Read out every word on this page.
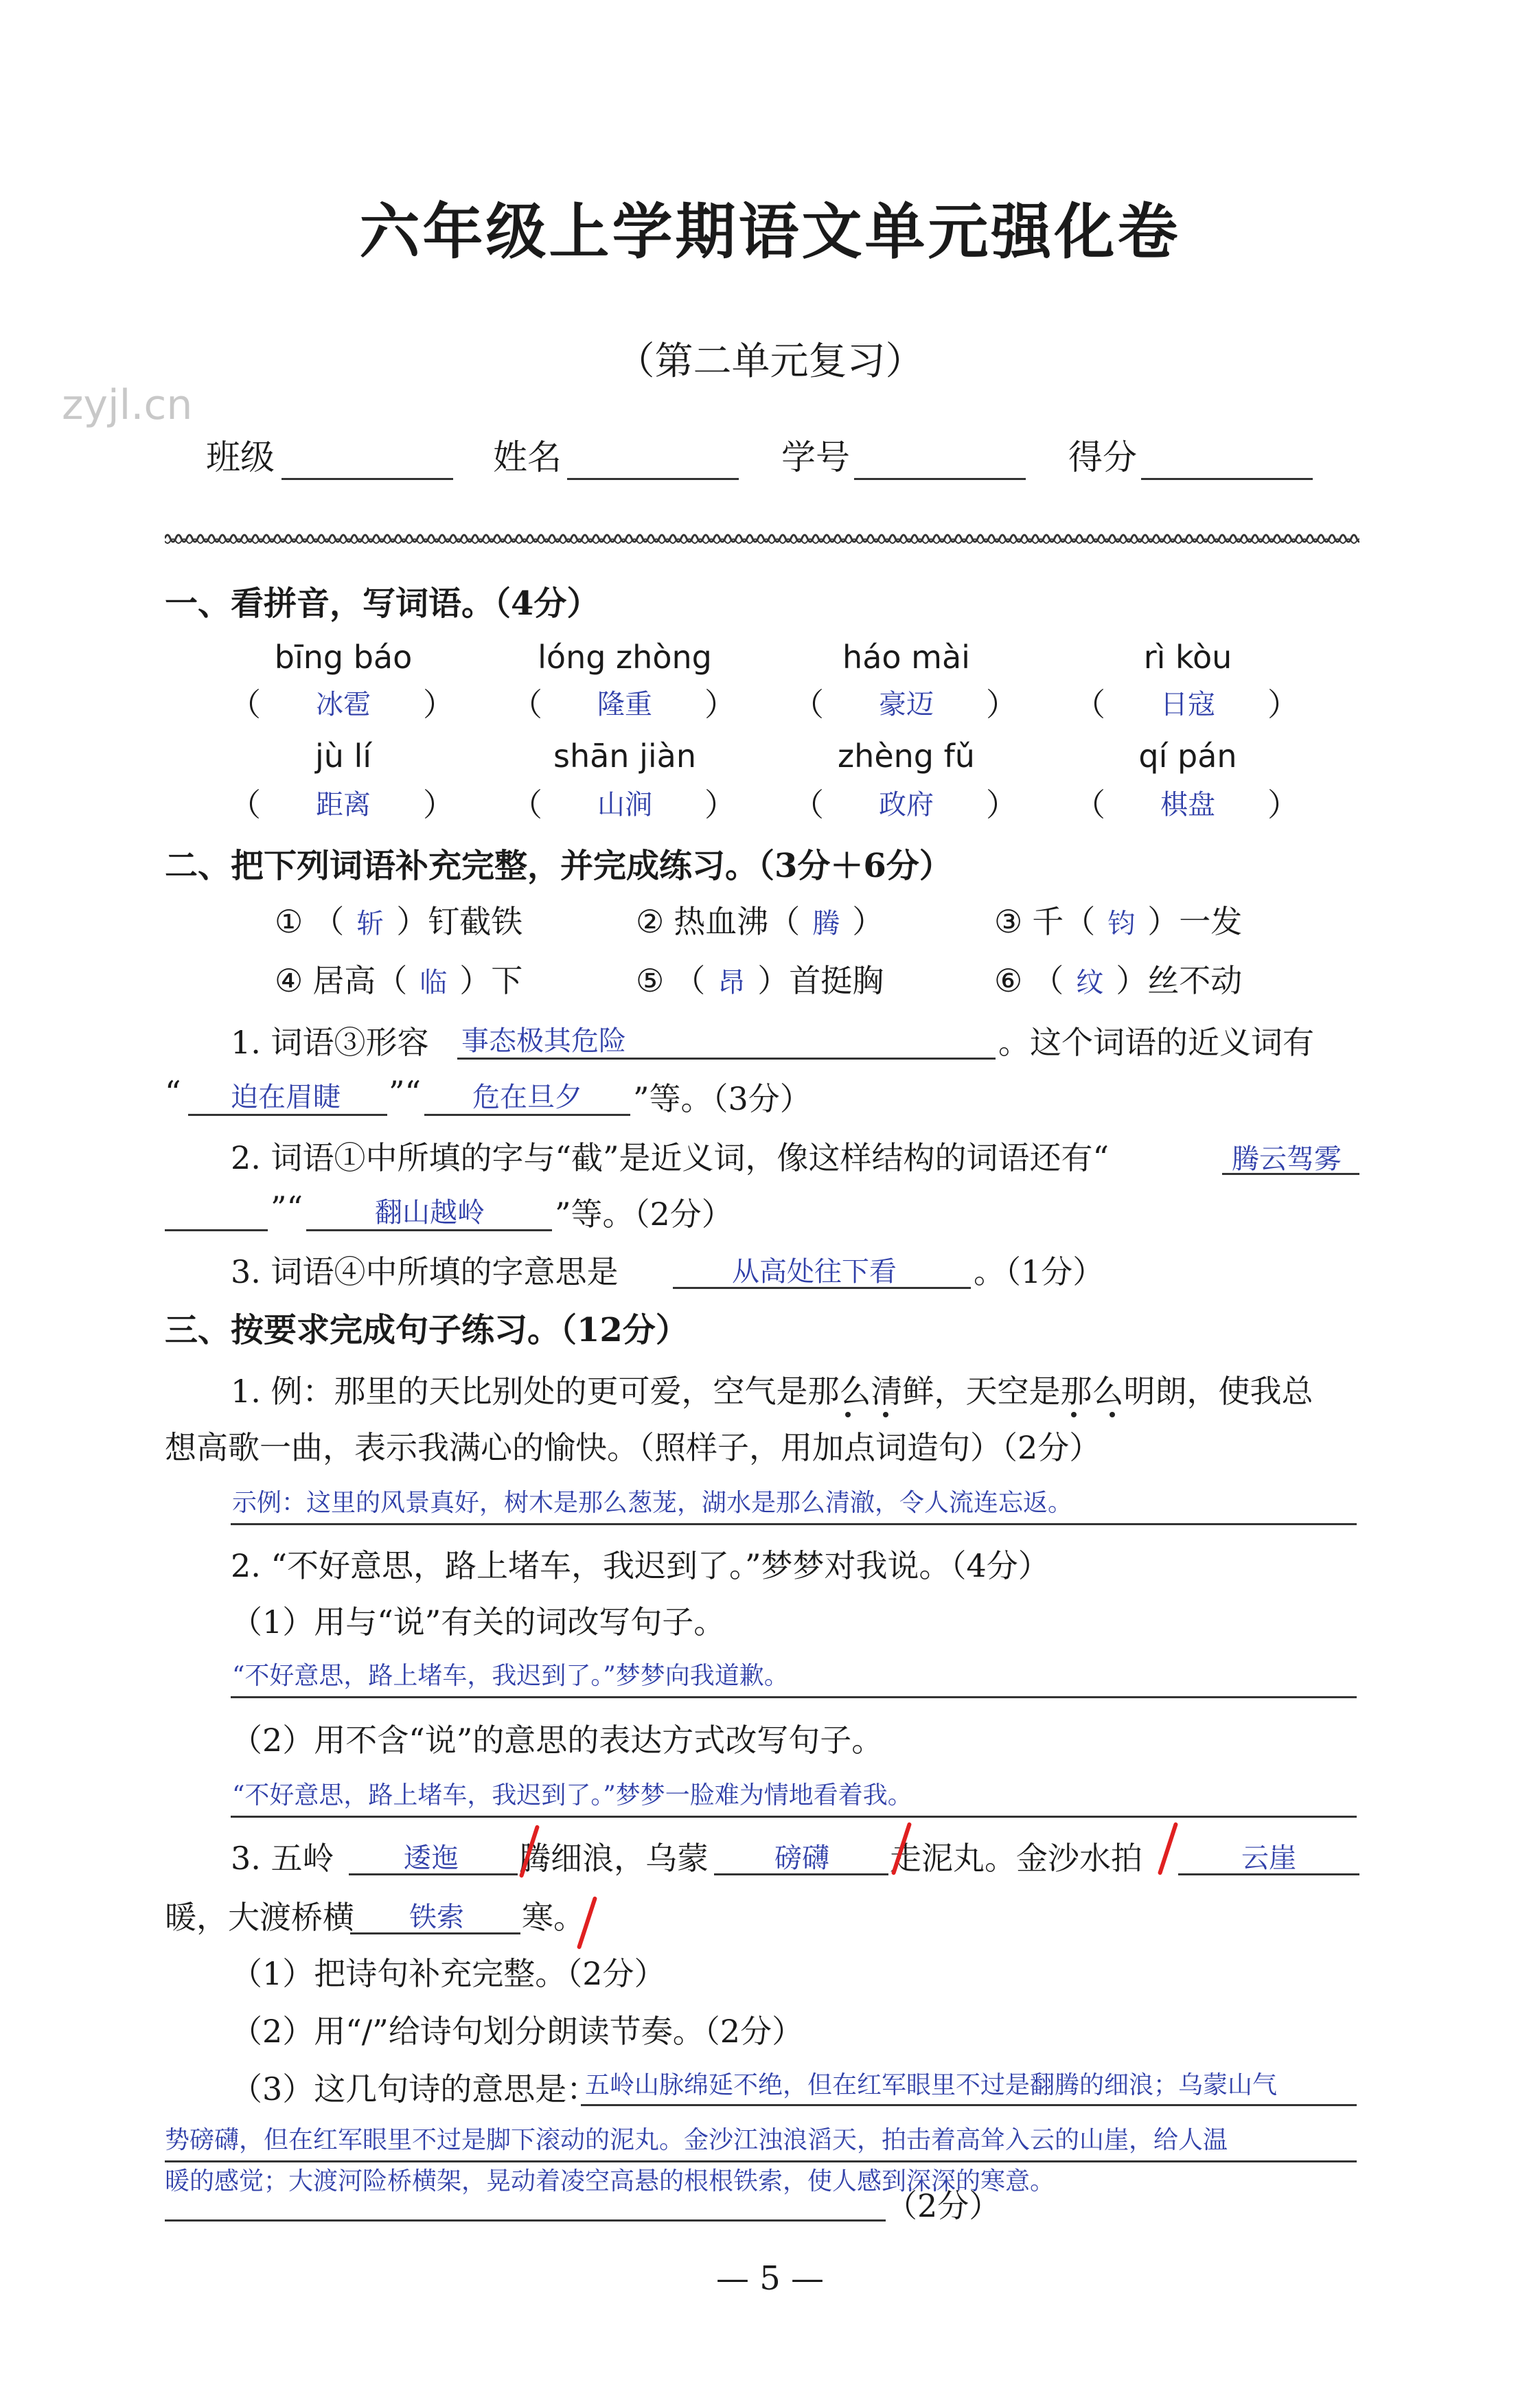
六年级上学期语文单元强化卷
（第二单元复习）
zyjl.cn
班级	姓名	学号	得分
一、看拼音，写词语。（4分）
bīng báo
（	冰雹	）
lóng zhòng
（	隆重	）
háo mài
（	豪迈	）
rì kòu
（	日寇	）
jù lí
（	距离	）
shān jiàn
（	山涧	）
zhèng fǔ
（	政府	）
qí pán
（	棋盘	）
二、把下列词语补充完整，并完成练习。（3分＋6分）
① （ 斩 ）钉截铁	② 热血沸（ 腾 ）	③ 千（ 钧 ）一发
④ 居高（ 临 ）下	⑤ （ 昂 ）首挺胸	⑥ （ 纹 ）丝不动
1. 词语③形容 事态极其危险	。这个词语的近义词有
“ 迫在眉睫 ”“ 危在旦夕 ”等。（3分）
2. 词语①中所填的字与“截”是近义词，像这样结构的词语还有“	腾云驾雾
”“	翻山越岭 ”等。（2分）
3. 词语④中所填的字意思是	从高处往下看 。（1分）
三、按要求完成句子练习。（12分）
1. 例：那里的天比别处的更可爱，空气是那么清鲜，天空是那么明朗，使我总
想高歌一曲，表示我满心的愉快。（照样子，用加点词造句）（2分）
示例：这里的风景真好，树木是那么葱茏，湖水是那么清澈，令人流连忘返。
2. “不好意思，路上堵车，我迟到了。”梦梦对我说。（4分）
（1）用与“说”有关的词改写句子。
“不好意思，路上堵车，我迟到了。”梦梦向我道歉。
（2）用不含“说”的意思的表达方式改写句子。
“不好意思，路上堵车，我迟到了。”梦梦一脸难为情地看着我。
3. 五岭	逶迤 腾细浪，乌蒙 磅礴 走泥丸。金沙水拍	云崖
暖，大渡桥横 铁索 寒。
（1）把诗句补充完整。（2分）
（2）用“/”给诗句划分朗读节奏。（2分）
（3）这几句诗的意思是：
五岭山脉绵延不绝，但在红军眼里不过是翻腾的细浪；乌蒙山气
势磅礴，但在红军眼里不过是脚下滚动的泥丸。金沙江浊浪滔天，拍击着高耸入云的山崖，给人温
暖的感觉；大渡河险桥横架，晃动着凌空高悬的根根铁索，使人感到深深的寒意。
（2分）
— 5 —
